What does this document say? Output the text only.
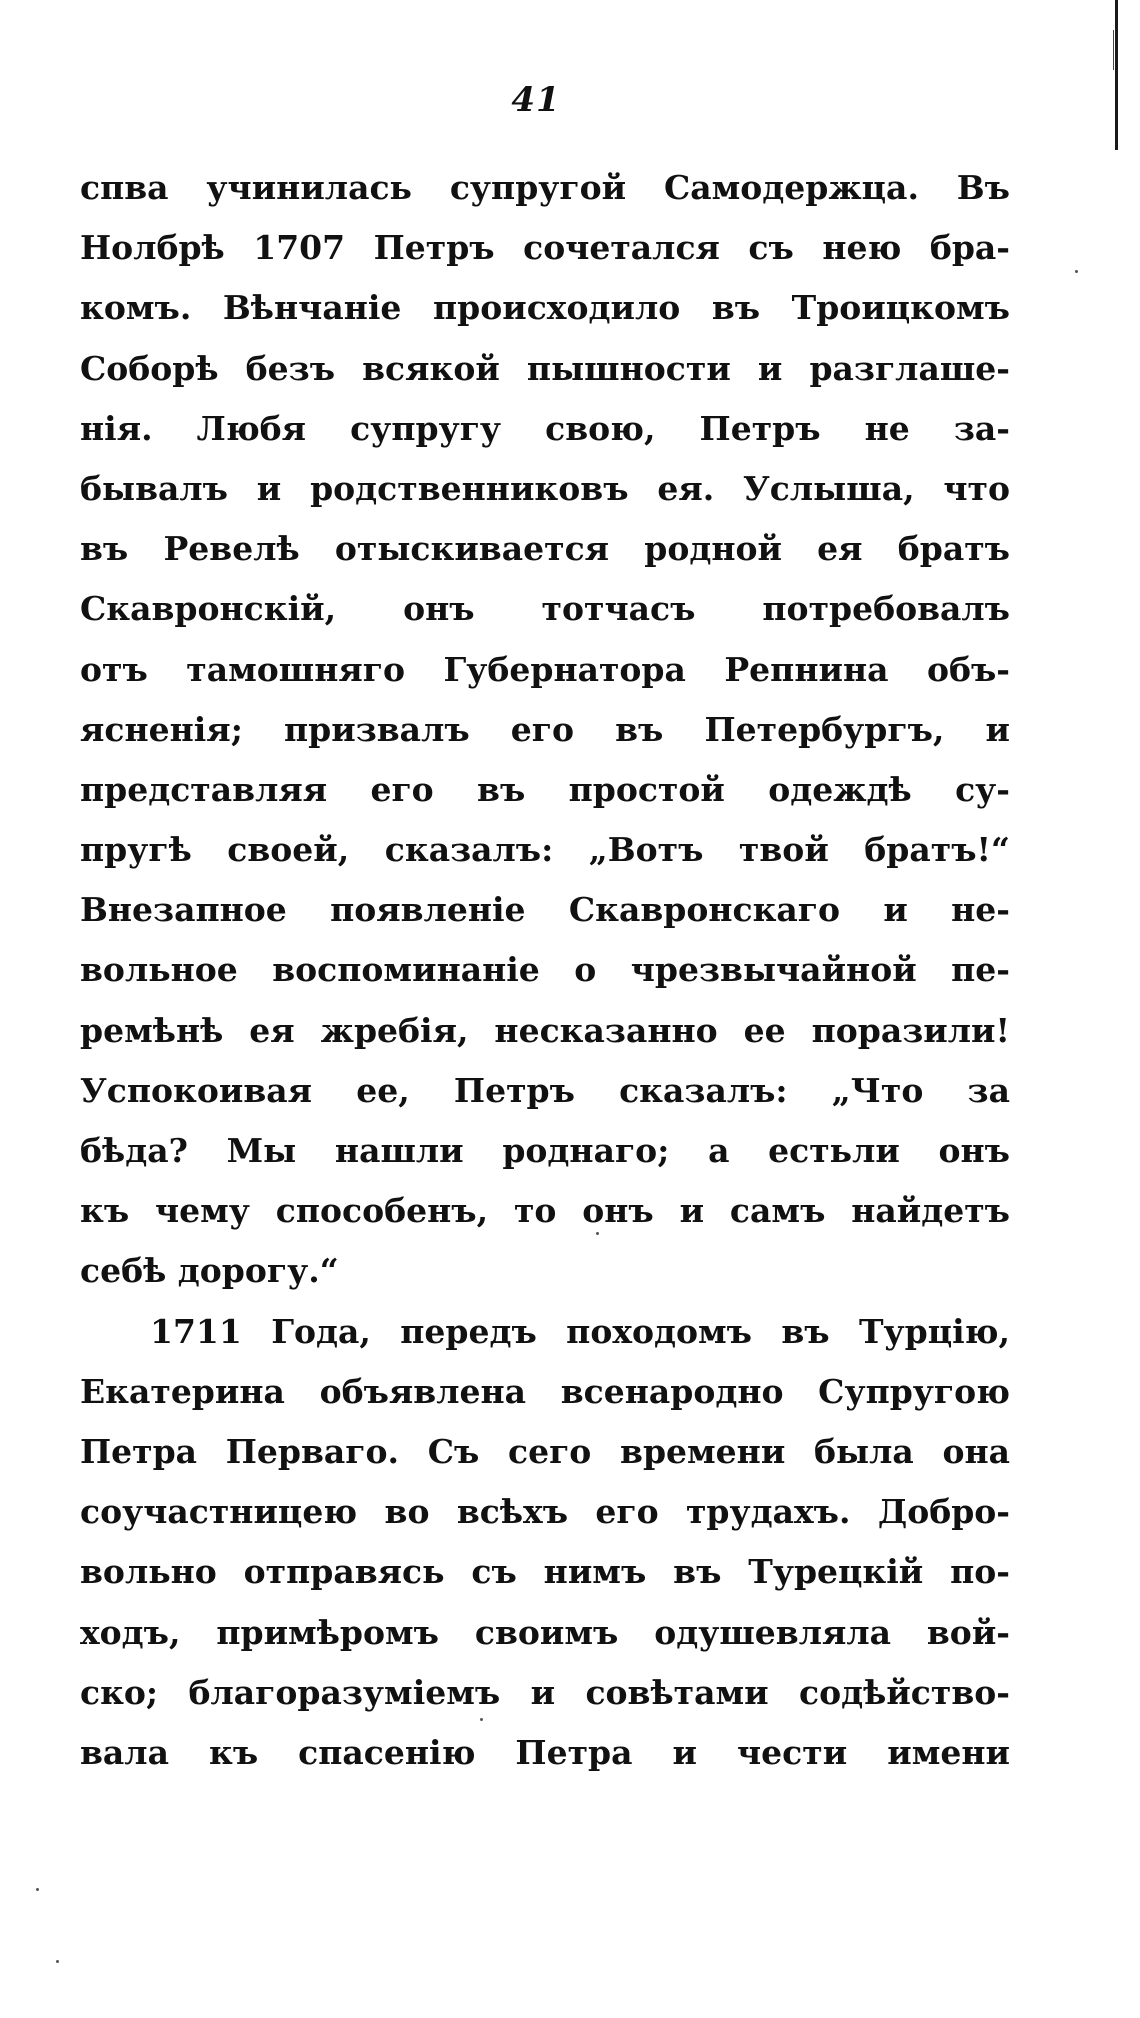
41
спва учинилась супругой Самодержца. Въ
Нолбрѣ 1707 Петръ сочетался съ нею бра-
комъ. Вѣнчаніе происходило въ Троицкомъ
Соборѣ безъ всякой пышности и разглаше-
нія. Любя супругу свою, Петръ не за-
бывалъ и родственниковъ ея. Услыша, что
въ Ревелѣ отыскивается родной ея братъ
Скавронскій, онъ тотчасъ потребовалъ
отъ тамошняго Губернатора Репнина объ-
ясненія; призвалъ его въ Петербургъ, и
представляя его въ простой одеждѣ су-
пругѣ своей, сказалъ: „Вотъ твой братъ!“
Внезапное появленіе Скавронскаго и не-
вольное воспоминаніе о чрезвычайной пе-
ремѣнѣ ея жребія, несказанно ее поразили!
Успокоивая ее, Петръ сказалъ: „Что за
бѣда? Мы нашли роднаго; а естьли онъ
къ чему способенъ, то онъ и самъ найдетъ
себѣ дорогу.“
1711 Года, передъ походомъ въ Турцію,
Екатерина объявлена всенародно Супругою
Петра Перваго. Съ сего времени была она
соучастницею во всѣхъ его трудахъ. Добро-
вольно отправясь съ нимъ въ Турецкій по-
ходъ, примѣромъ своимъ одушевляла вой-
ско; благоразуміемъ и совѣтами содѣйство-
вала къ спасенію Петра и чести имени
